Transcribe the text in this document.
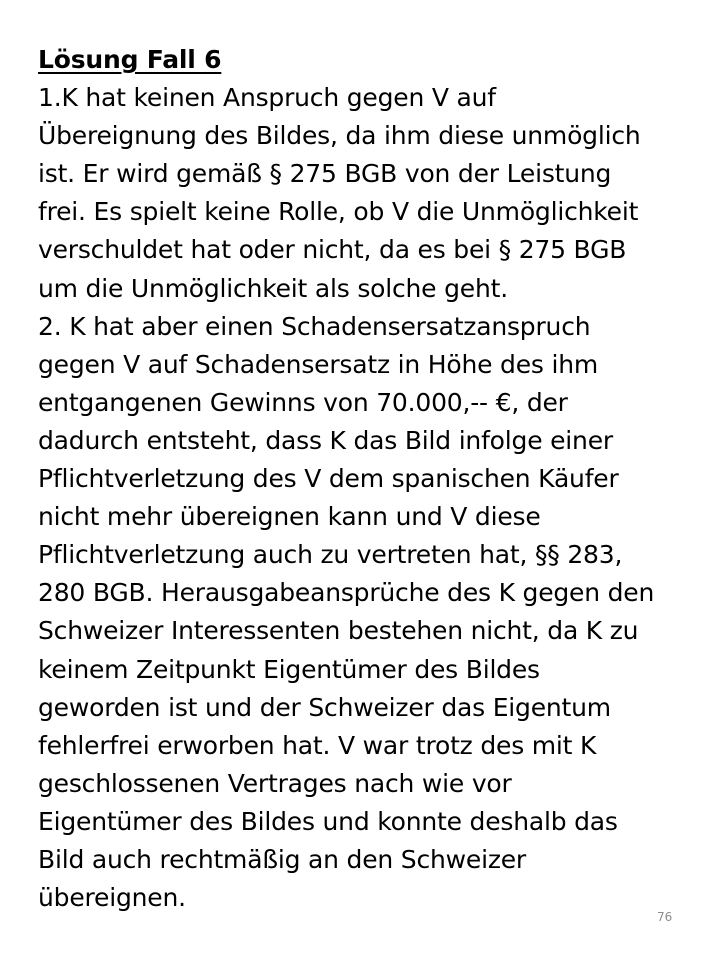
Lösung Fall 6
1.K hat keinen Anspruch gegen V auf
Übereignung des Bildes, da ihm diese unmöglich
ist. Er wird gemäß § 275 BGB von der Leistung
frei. Es spielt keine Rolle, ob V die Unmöglichkeit
verschuldet hat oder nicht, da es bei § 275 BGB
um die Unmöglichkeit als solche geht.
2. K hat aber einen Schadensersatzanspruch
gegen V auf Schadensersatz in Höhe des ihm
entgangenen Gewinns von 70.000,-- €, der
dadurch entsteht, dass K das Bild infolge einer
Pflichtverletzung des V dem spanischen Käufer
nicht mehr übereignen kann und V diese
Pflichtverletzung auch zu vertreten hat, §§ 283,
280 BGB. Herausgabeansprüche des K gegen den
Schweizer Interessenten bestehen nicht, da K zu
keinem Zeitpunkt Eigentümer des Bildes
geworden ist und der Schweizer das Eigentum
fehlerfrei erworben hat. V war trotz des mit K
geschlossenen Vertrages nach wie vor
Eigentümer des Bildes und konnte deshalb das
Bild auch rechtmäßig an den Schweizer
übereignen.
76
